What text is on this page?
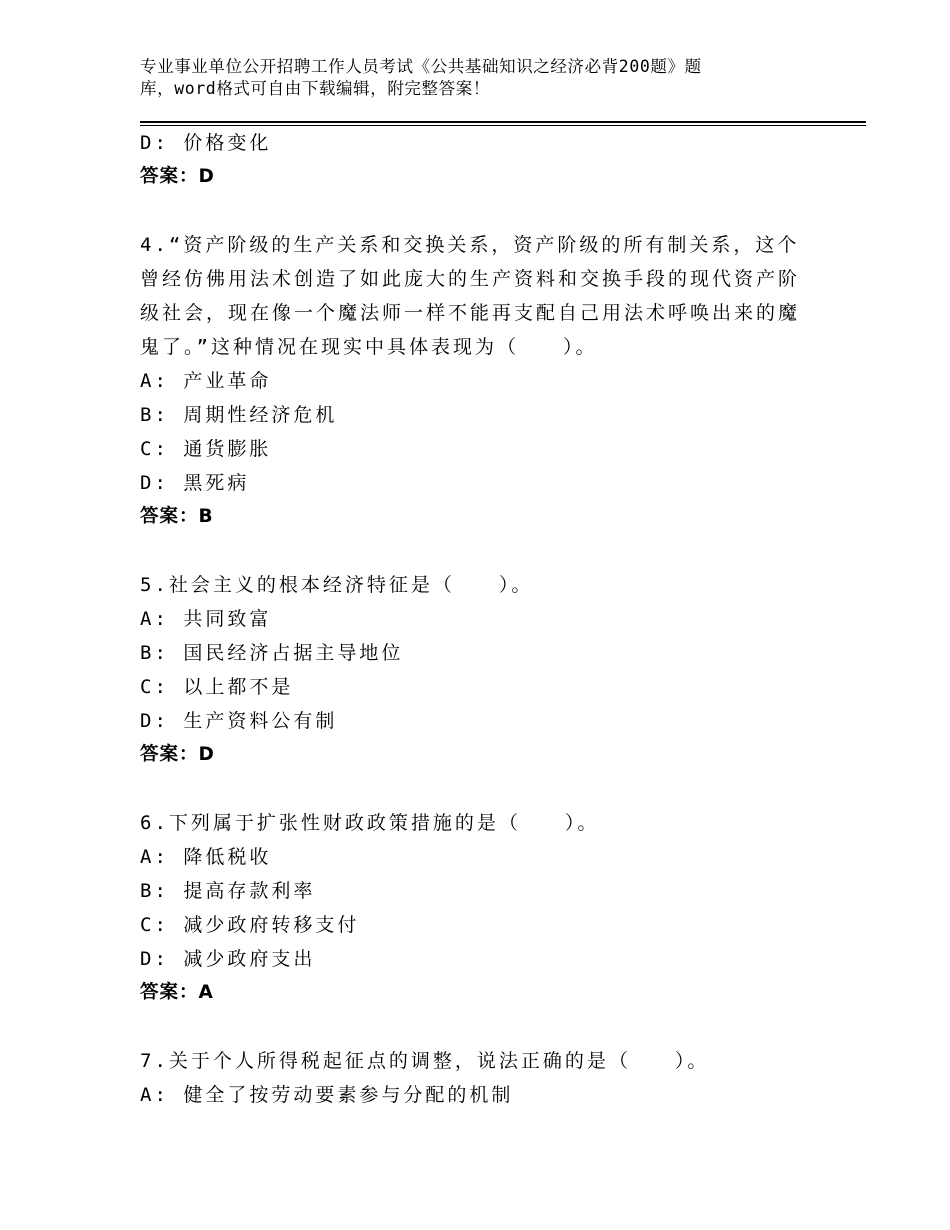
专业事业单位公开招聘工作人员考试《公共基础知识之经济必背200题》题
库，word格式可自由下载编辑，附完整答案！
D: 价格变化
答案：D
4.“资产阶级的生产关系和交换关系，资产阶级的所有制关系，这个
曾经仿佛用法术创造了如此庞大的生产资料和交换手段的现代资产阶
级社会，现在像一个魔法师一样不能再支配自己用法术呼唤出来的魔
鬼了。”这种情况在现实中具体表现为（　　）。
A: 产业革命
B: 周期性经济危机
C: 通货膨胀
D: 黑死病
答案：B
5.社会主义的根本经济特征是（　　）。
A: 共同致富
B: 国民经济占据主导地位
C: 以上都不是
D: 生产资料公有制
答案：D
6.下列属于扩张性财政政策措施的是（　　）。
A: 降低税收
B: 提高存款利率
C: 减少政府转移支付
D: 减少政府支出
答案：A
7.关于个人所得税起征点的调整，说法正确的是（　　）。
A: 健全了按劳动要素参与分配的机制
